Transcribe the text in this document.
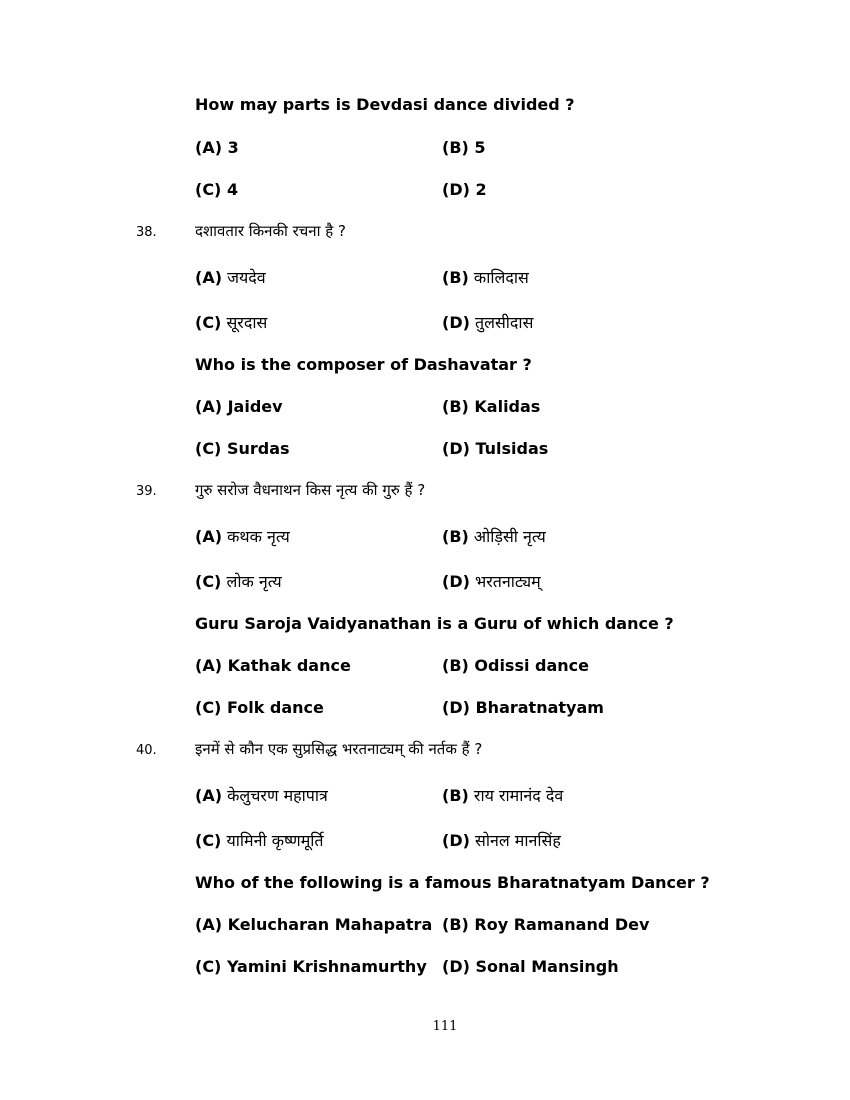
How may parts is Devdasi dance divided ?
(A) 3	(B) 5
(C) 4	(D) 2
38.	दशावतार किनकी रचना है ?
(A) जयदेव	(B) कालिदास
(C) सूरदास	(D) तुलसीदास
Who is the composer of Dashavatar ?
(A) Jaidev	(B) Kalidas
(C) Surdas	(D) Tulsidas
39.	गुरु सरोज वैधनाथन किस नृत्य की गुरु हैं ?
(A) कथक नृत्य	(B) ओड़िसी नृत्य
(C) लोक नृत्य	(D) भरतनाट्यम्
Guru Saroja Vaidyanathan is a Guru of which dance ?
(A) Kathak dance	(B) Odissi dance
(C) Folk dance	(D) Bharatnatyam
40.	इनमें से कौन एक सुप्रसिद्ध भरतनाट्यम् की नर्तक हैं ?
(A) केलुचरण महापात्र	(B) राय रामानंद देव
(C) यामिनी कृष्णमूर्ति	(D) सोनल मानसिंह
Who of the following is a famous Bharatnatyam Dancer ?
(A) Kelucharan Mahapatra (B) Roy Ramanand Dev
(C) Yamini Krishnamurthy (D) Sonal Mansingh
111
